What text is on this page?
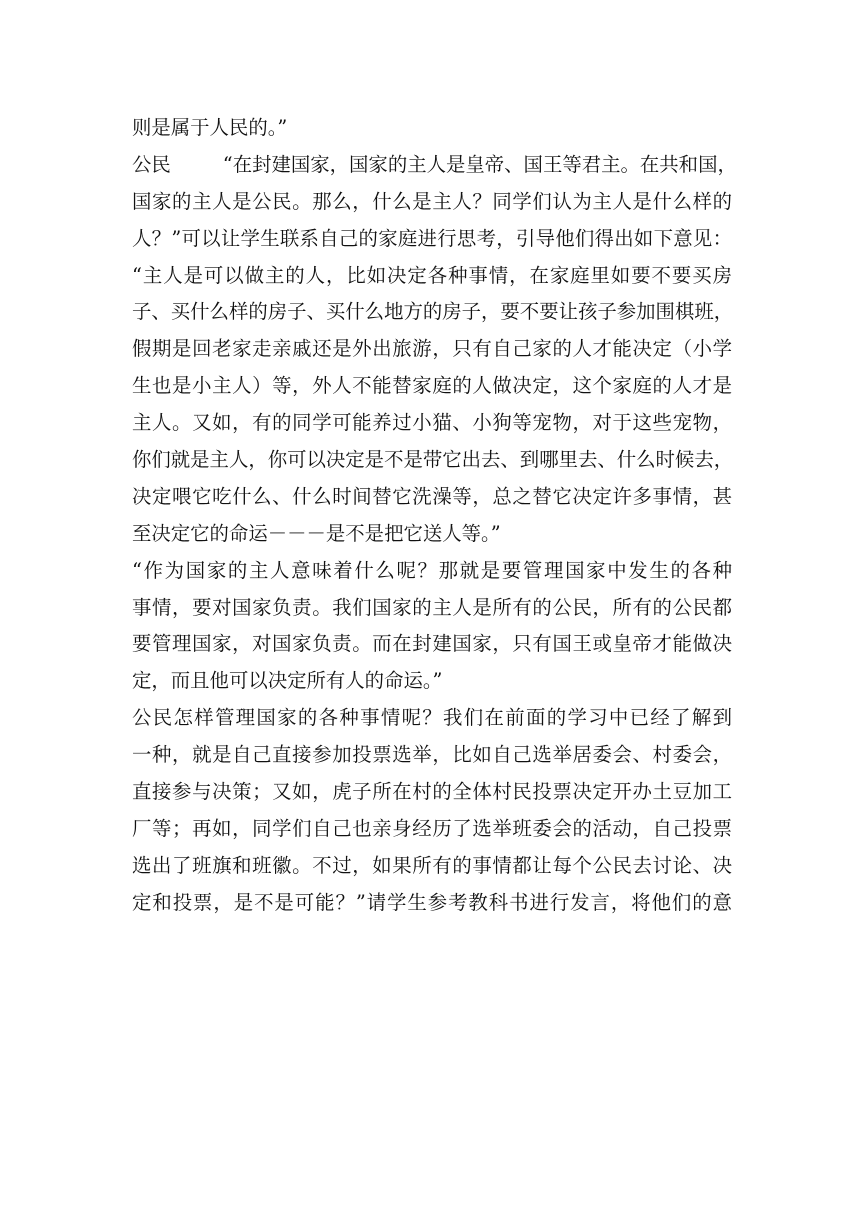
则是属于人民的。”
公民	“在封建国家，国家的主人是皇帝、国王等君主。在共和国，
国家的主人是公民。那么，什么是主人？同学们认为主人是什么样的
人？”可以让学生联系自己的家庭进行思考，引导他们得出如下意见：
“主人是可以做主的人，比如决定各种事情，在家庭里如要不要买房
子、买什么样的房子、买什么地方的房子，要不要让孩子参加围棋班，
假期是回老家走亲戚还是外出旅游，只有自己家的人才能决定（小学
生也是小主人）等，外人不能替家庭的人做决定，这个家庭的人才是
主人。又如，有的同学可能养过小猫、小狗等宠物，对于这些宠物，
你们就是主人，你可以决定是不是带它出去、到哪里去、什么时候去，
决定喂它吃什么、什么时间替它洗澡等，总之替它决定许多事情，甚
至决定它的命运－－－是不是把它送人等。”
“作为国家的主人意味着什么呢？那就是要管理国家中发生的各种
事情，要对国家负责。我们国家的主人是所有的公民，所有的公民都
要管理国家，对国家负责。而在封建国家，只有国王或皇帝才能做决
定，而且他可以决定所有人的命运。”
公民怎样管理国家的各种事情呢？我们在前面的学习中已经了解到
一种，就是自己直接参加投票选举，比如自己选举居委会、村委会，
直接参与决策；又如，虎子所在村的全体村民投票决定开办土豆加工
厂等；再如，同学们自己也亲身经历了选举班委会的活动，自己投票
选出了班旗和班徽。不过，如果所有的事情都让每个公民去讨论、决
定和投票，是不是可能？”请学生参考教科书进行发言，将他们的意
